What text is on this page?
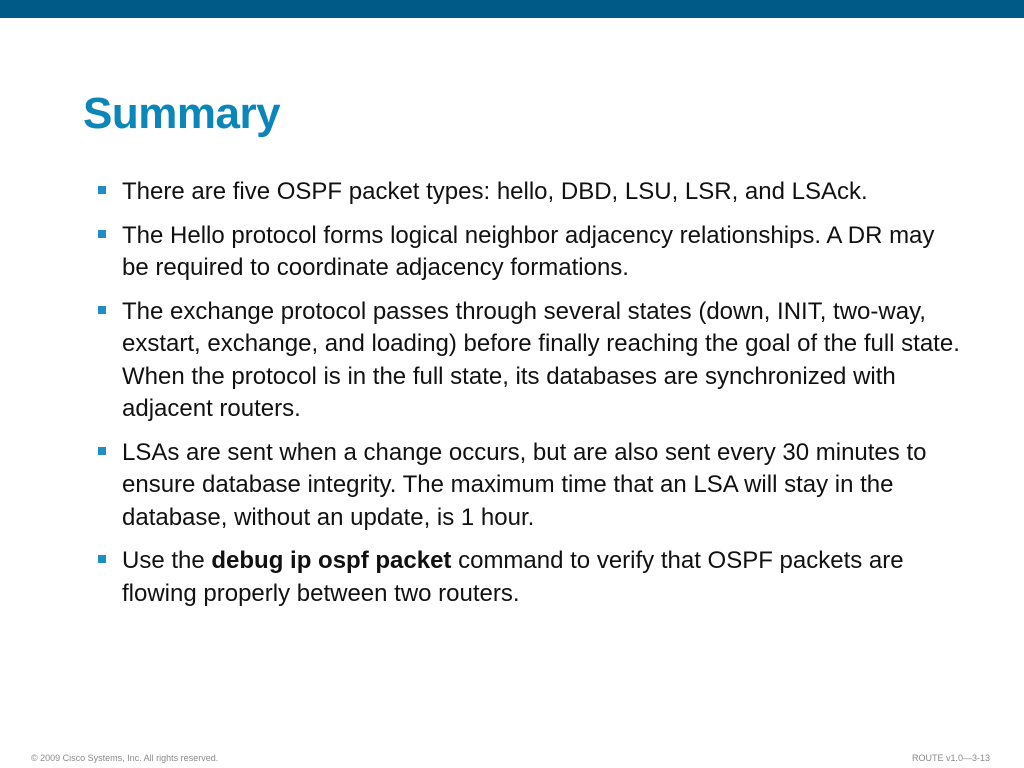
Summary
There are five OSPF packet types: hello, DBD, LSU, LSR, and LSAck.
The Hello protocol forms logical neighbor adjacency relationships. A DR may be required to coordinate adjacency formations.
The exchange protocol passes through several states (down, INIT, two-way, exstart, exchange, and loading) before finally reaching the goal of the full state. When the protocol is in the full state, its databases are synchronized with adjacent routers.
LSAs are sent when a change occurs, but are also sent every 30 minutes to ensure database integrity. The maximum time that an LSA will stay in the database, without an update, is 1 hour.
Use the debug ip ospf packet command to verify that OSPF packets are flowing properly between two routers.
© 2009 Cisco Systems, Inc. All rights reserved.	ROUTE v1.0—3-13
